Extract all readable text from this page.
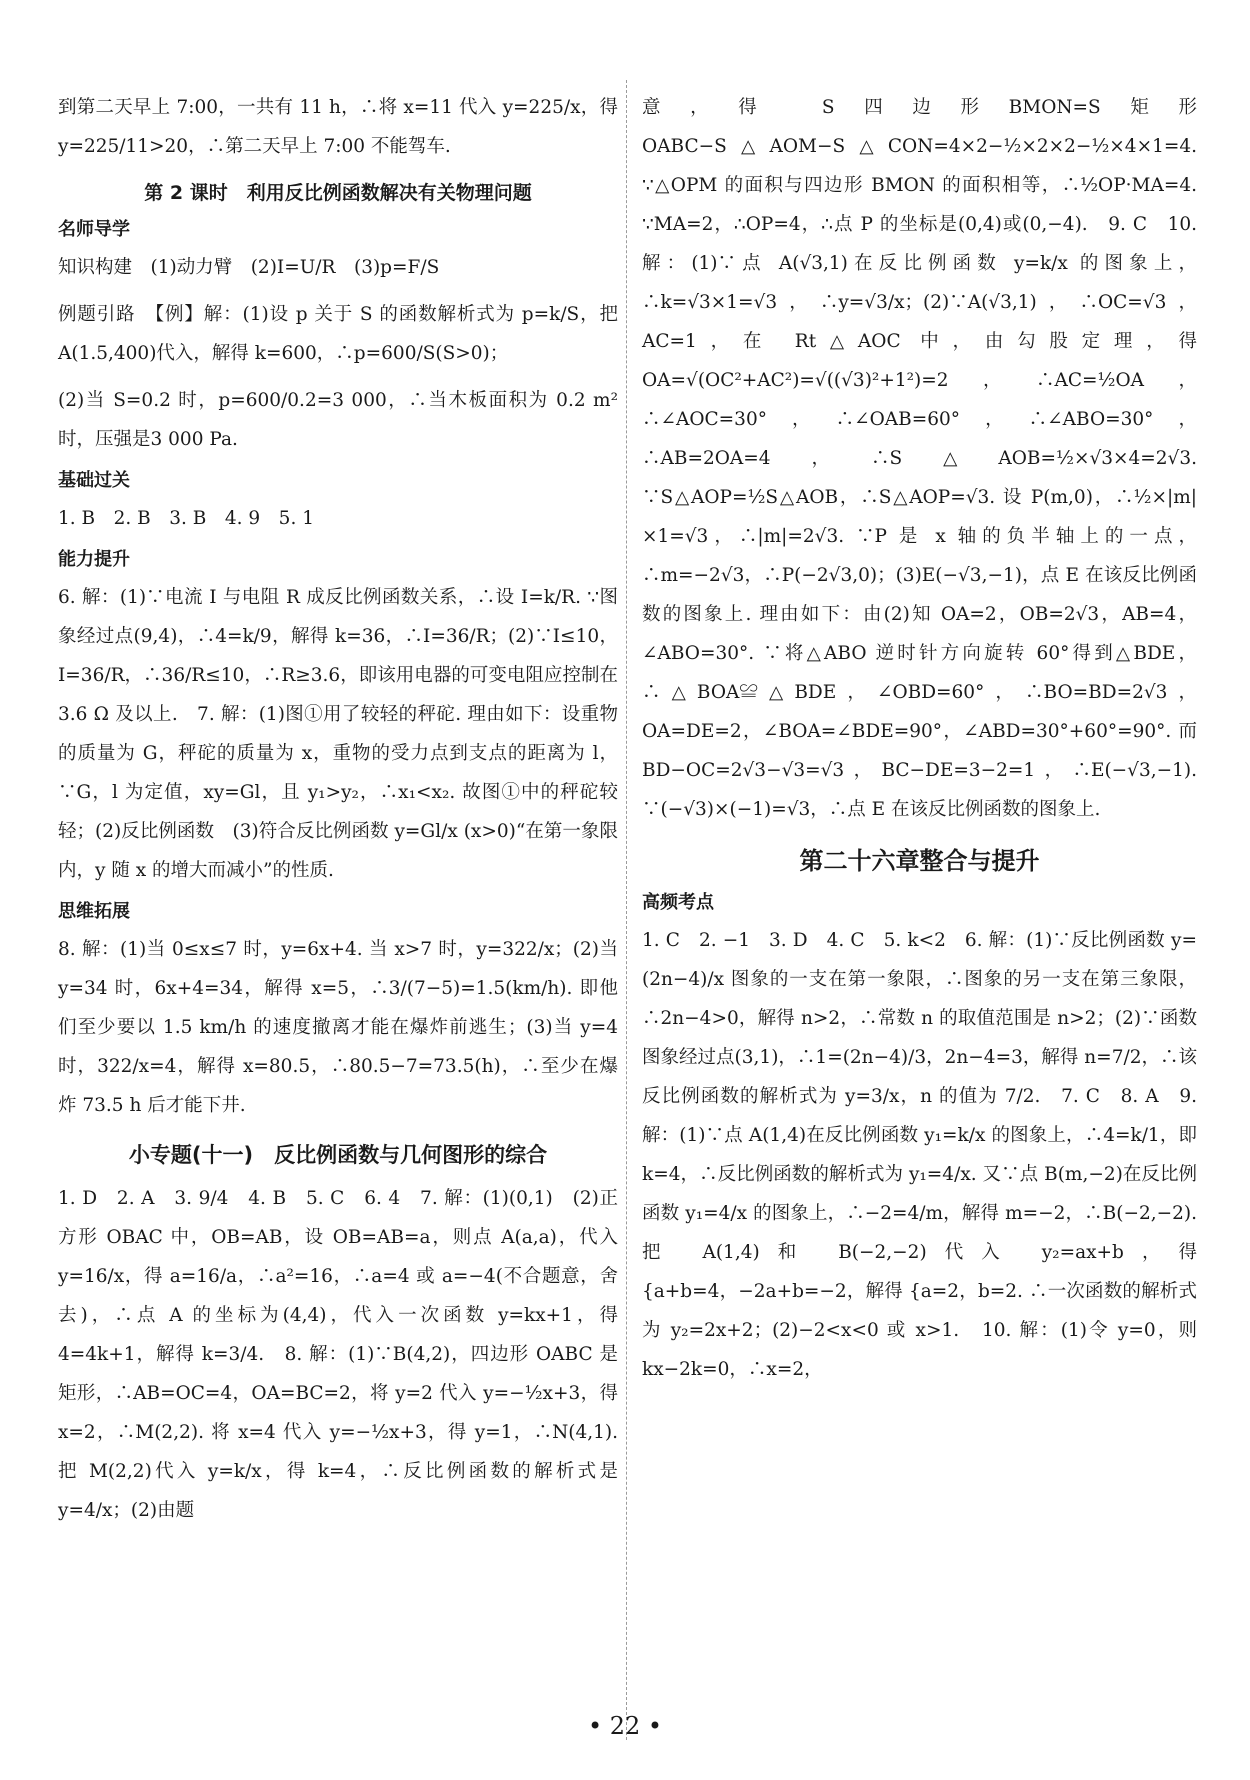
到第二天早上 7:00，一共有 11 h，∴将 x=11 代入 y=225/x，得 y=225/11>20，∴第二天早上 7:00 不能驾车.

第 2 课时　利用反比例函数解决有关物理问题
名师导学

知识构建　(1)动力臂　(2)I=U/R　(3)p=F/S

例题引路　【例】解：(1)设 p 关于 S 的函数解析式为 p=k/S，把 A(1.5,400)代入，解得 k=600，∴p=600/S(S>0)；

(2)当 S=0.2 时，p=600/0.2=3 000，∴当木板面积为 0.2 m² 时，压强是3 000 Pa.

基础过关

1. B　2. B　3. B　4. 9　5. 1

能力提升

6. 解：(1)∵电流 I 与电阻 R 成反比例函数关系，∴设 I=k/R. ∵图象经过点(9,4)，∴4=k/9，解得 k=36，∴I=36/R；(2)∵I≤10，I=36/R，∴36/R≤10，∴R≥3.6，即该用电器的可变电阻应控制在 3.6 Ω 及以上.　7. 解：(1)图①用了较轻的秤砣. 理由如下：设重物的质量为 G，秤砣的质量为 x，重物的受力点到支点的距离为 l，∵G，l 为定值，xy=Gl，且 y₁>y₂，∴x₁<x₂. 故图①中的秤砣较轻；(2)反比例函数　(3)符合反比例函数 y=Gl/x (x>0)“在第一象限内，y 随 x 的增大而减小”的性质.

思维拓展

8. 解：(1)当 0≤x≤7 时，y=6x+4. 当 x>7 时，y=322/x；(2)当 y=34 时，6x+4=34，解得 x=5，∴3/(7−5)=1.5(km/h). 即他们至少要以 1.5 km/h 的速度撤离才能在爆炸前逃生；(3)当 y=4 时，322/x=4，解得 x=80.5，∴80.5−7=73.5(h)，∴至少在爆炸 73.5 h 后才能下井.

小专题(十一)　反比例函数与几何图形的综合

1. D　2. A　3. 9/4　4. B　5. C　6. 4　7. 解：(1)(0,1)　(2)正方形 OBAC 中，OB=AB，设 OB=AB=a，则点 A(a,a)，代入 y=16/x，得 a=16/a，∴a²=16，∴a=4 或 a=−4(不合题意，舍去)，∴点 A 的坐标为(4,4)，代入一次函数 y=kx+1，得 4=4k+1，解得 k=3/4.　8. 解：(1)∵B(4,2)，四边形 OABC 是矩形，∴AB=OC=4，OA=BC=2，将 y=2 代入 y=−½x+3，得 x=2，∴M(2,2). 将 x=4 代入 y=−½x+3，得 y=1，∴N(4,1). 把 M(2,2)代入 y=k/x，得 k=4，∴反比例函数的解析式是 y=4/x；(2)由题

意，得 S四边形BMON=S矩形OABC−S△AOM−S△CON=4×2−½×2×2−½×4×1=4. ∵△OPM 的面积与四边形 BMON 的面积相等，∴½OP·MA=4. ∵MA=2，∴OP=4，∴点 P 的坐标是(0,4)或(0,−4).　9. C　10. 解：(1)∵点 A(√3,1)在反比例函数 y=k/x 的图象上，∴k=√3×1=√3，∴y=√3/x；(2)∵A(√3,1)，∴OC=√3，AC=1，在 Rt△AOC 中，由勾股定理，得 OA=√(OC²+AC²)=√((√3)²+1²)=2，∴AC=½OA，∴∠AOC=30°，∴∠OAB=60°，∴∠ABO=30°，∴AB=2OA=4，∴S△AOB=½×√3×4=2√3. ∵S△AOP=½S△AOB，∴S△AOP=√3. 设 P(m,0)，∴½×|m|×1=√3，∴|m|=2√3. ∵P 是 x 轴的负半轴上的一点，∴m=−2√3，∴P(−2√3,0)；(3)E(−√3,−1)，点 E 在该反比例函数的图象上. 理由如下：由(2)知 OA=2，OB=2√3，AB=4，∠ABO=30°. ∵将△ABO 逆时针方向旋转 60°得到△BDE，∴△BOA≌△BDE，∠OBD=60°，∴BO=BD=2√3，OA=DE=2，∠BOA=∠BDE=90°，∠ABD=30°+60°=90°. 而 BD−OC=2√3−√3=√3，BC−DE=3−2=1，∴E(−√3,−1). ∵(−√3)×(−1)=√3，∴点 E 在该反比例函数的图象上.

第二十六章整合与提升
高频考点

1. C　2. −1　3. D　4. C　5. k<2　6. 解：(1)∵反比例函数 y=(2n−4)/x 图象的一支在第一象限，∴图象的另一支在第三象限，∴2n−4>0，解得 n>2，∴常数 n 的取值范围是 n>2；(2)∵函数图象经过点(3,1)，∴1=(2n−4)/3，2n−4=3，解得 n=7/2，∴该反比例函数的解析式为 y=3/x，n 的值为 7/2.　7. C　8. A　9. 解：(1)∵点 A(1,4)在反比例函数 y₁=k/x 的图象上，∴4=k/1，即 k=4，∴反比例函数的解析式为 y₁=4/x. 又∵点 B(m,−2)在反比例函数 y₁=4/x 的图象上，∴−2=4/m，解得 m=−2，∴B(−2,−2). 把 A(1,4)和 B(−2,−2)代入 y₂=ax+b，得 {a+b=4，−2a+b=−2，解得 {a=2，b=2. ∴一次函数的解析式为 y₂=2x+2；(2)−2<x<0 或 x>1.　10. 解：(1)令 y=0，则 kx−2k=0，∴x=2，

• 22 •
